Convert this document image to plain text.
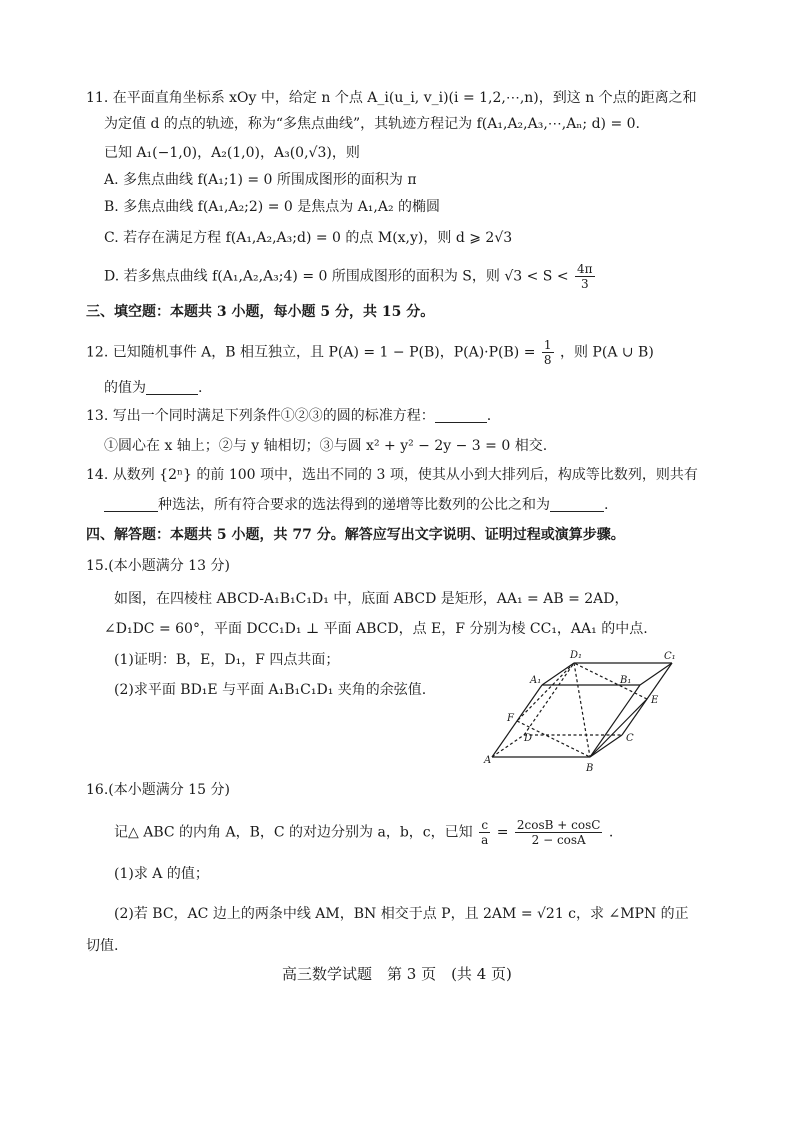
11. 在平面直角坐标系 xOy 中，给定 n 个点 A_i(u_i, v_i)(i = 1,2,⋯,n)，到这 n 个点的距离之和
为定值 d 的点的轨迹，称为“多焦点曲线”，其轨迹方程记为 f(A₁,A₂,A₃,⋯,Aₙ; d) = 0.
已知 A₁(−1,0)，A₂(1,0)，A₃(0,√3)，则
A. 多焦点曲线 f(A₁;1) = 0 所围成图形的面积为 π
B. 多焦点曲线 f(A₁,A₂;2) = 0 是焦点为 A₁,A₂ 的椭圆
C. 若存在满足方程 f(A₁,A₂,A₃;d) = 0 的点 M(x,y)，则 d ⩾ 2√3
D. 若多焦点曲线 f(A₁,A₂,A₃;4) = 0 所围成图形的面积为 S，则 $√3 < S < \frac{4\pi}{3}$
三、填空题：本题共 3 小题，每小题 5 分，共 15 分。
12. 已知随机事件 A，B 相互独立，且 P(A) = 1 − P(B)，$P(A)\cdot P(B) = \frac{1}{8}$ ，则 P(A ∪ B)
的值为	.
13. 写出一个同时满足下列条件①②③的圆的标准方程：	.
①圆心在 x 轴上；②与 y 轴相切；③与圆 x² + y² − 2y − 3 = 0 相交.
14. 从数列 {2ⁿ} 的前 100 项中，选出不同的 3 项，使其从小到大排列后，构成等比数列，则共有
种选法，所有符合要求的选法得到的递增等比数列的公比之和为	.
四、解答题：本题共 5 小题，共 77 分。解答应写出文字说明、证明过程或演算步骤。
15.(本小题满分 13 分)
如图，在四棱柱 ABCD-A₁B₁C₁D₁ 中，底面 ABCD 是矩形，AA₁ = AB = 2AD，
∠D₁DC = 60°，平面 DCC₁D₁ ⊥ 平面 ABCD，点 E，F 分别为棱 CC₁，AA₁ 的中点.
(1)证明：B，E，D₁，F 四点共面；
(2)求平面 BD₁E 与平面 A₁B₁C₁D₁ 夹角的余弦值.
A
B
C
D
A₁	B₁
C₁
D₁
E
F
16.(本小题满分 15 分)
记△ ABC 的内角 A，B，C 的对边分别为 a，b，c，已知 $\frac{c}{a} = \frac{2\cos B + \cos C}{2 - \cos A}$ .
(1)求 A 的值；
(2)若 BC，AC 边上的两条中线 AM，BN 相交于点 P，且 2AM = √21 c，求 ∠MPN 的正
切值.
高三数学试题　第 3 页　(共 4 页)
